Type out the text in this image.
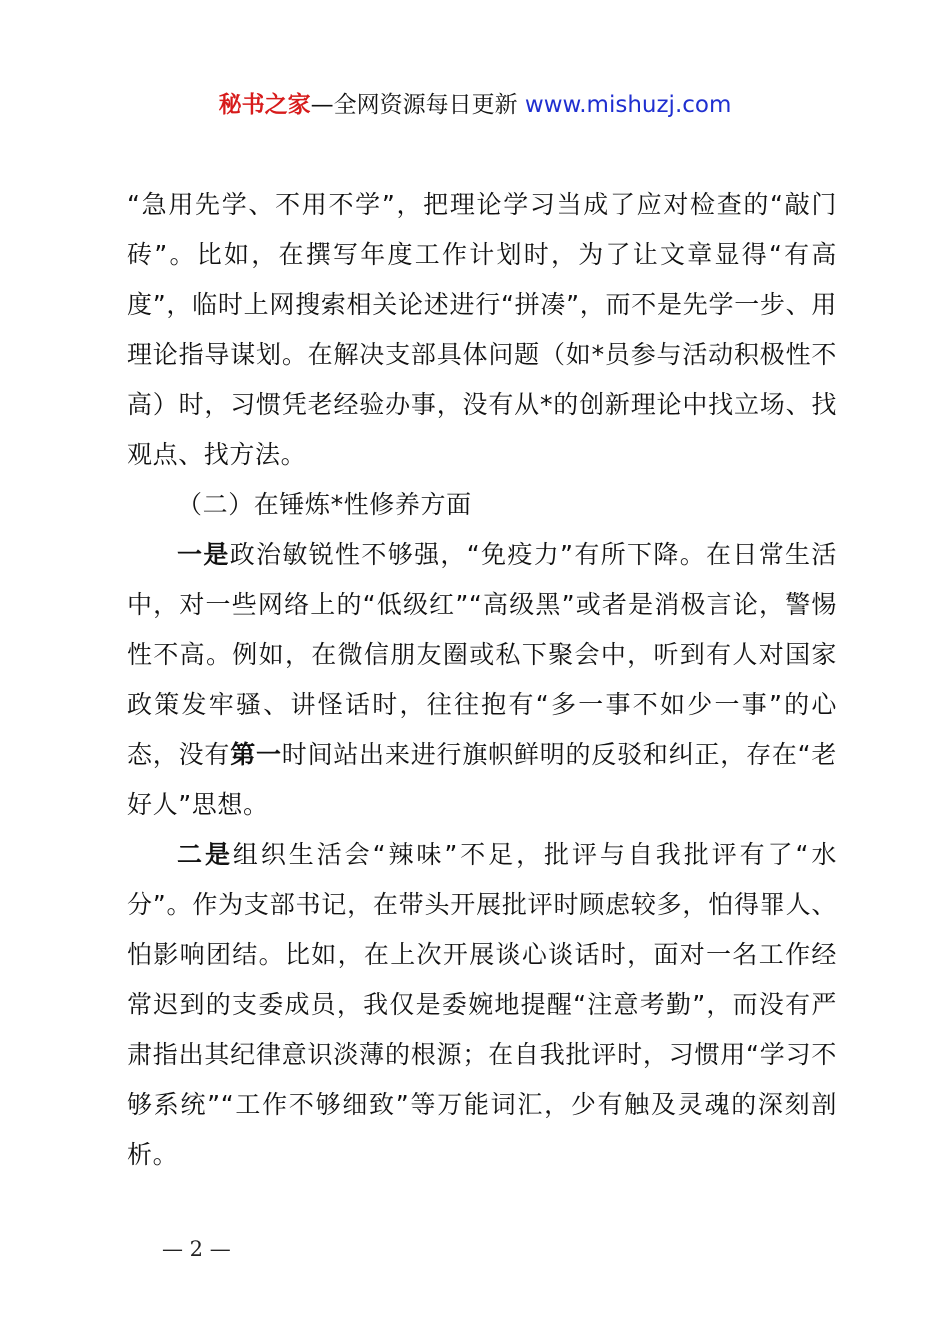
秘书之家—全网资源每日更新 www.mishuzj.com

“急用先学、不用不学”，把理论学习当成了应对检查的“敲门砖”。比如，在撰写年度工作计划时，为了让文章显得“有高度”，临时上网搜索相关论述进行“拼凑”，而不是先学一步、用理论指导谋划。在解决支部具体问题（如*员参与活动积极性不高）时，习惯凭老经验办事，没有从*的创新理论中找立场、找观点、找方法。

（二）在锤炼*性修养方面

一是政治敏锐性不够强，“免疫力”有所下降。在日常生活中，对一些网络上的“低级红”“高级黑”或者是消极言论，警惕性不高。例如，在微信朋友圈或私下聚会中，听到有人对国家政策发牢骚、讲怪话时，往往抱有“多一事不如少一事”的心态，没有第一时间站出来进行旗帜鲜明的反驳和纠正，存在“老好人”思想。

二是组织生活会“辣味”不足，批评与自我批评有了“水分”。作为支部书记，在带头开展批评时顾虑较多，怕得罪人、怕影响团结。比如，在上次开展谈心谈话时，面对一名工作经常迟到的支委成员，我仅是委婉地提醒“注意考勤”，而没有严肃指出其纪律意识淡薄的根源；在自我批评时，习惯用“学习不够系统”“工作不够细致”等万能词汇，少有触及灵魂的深刻剖析。

— 2 —
